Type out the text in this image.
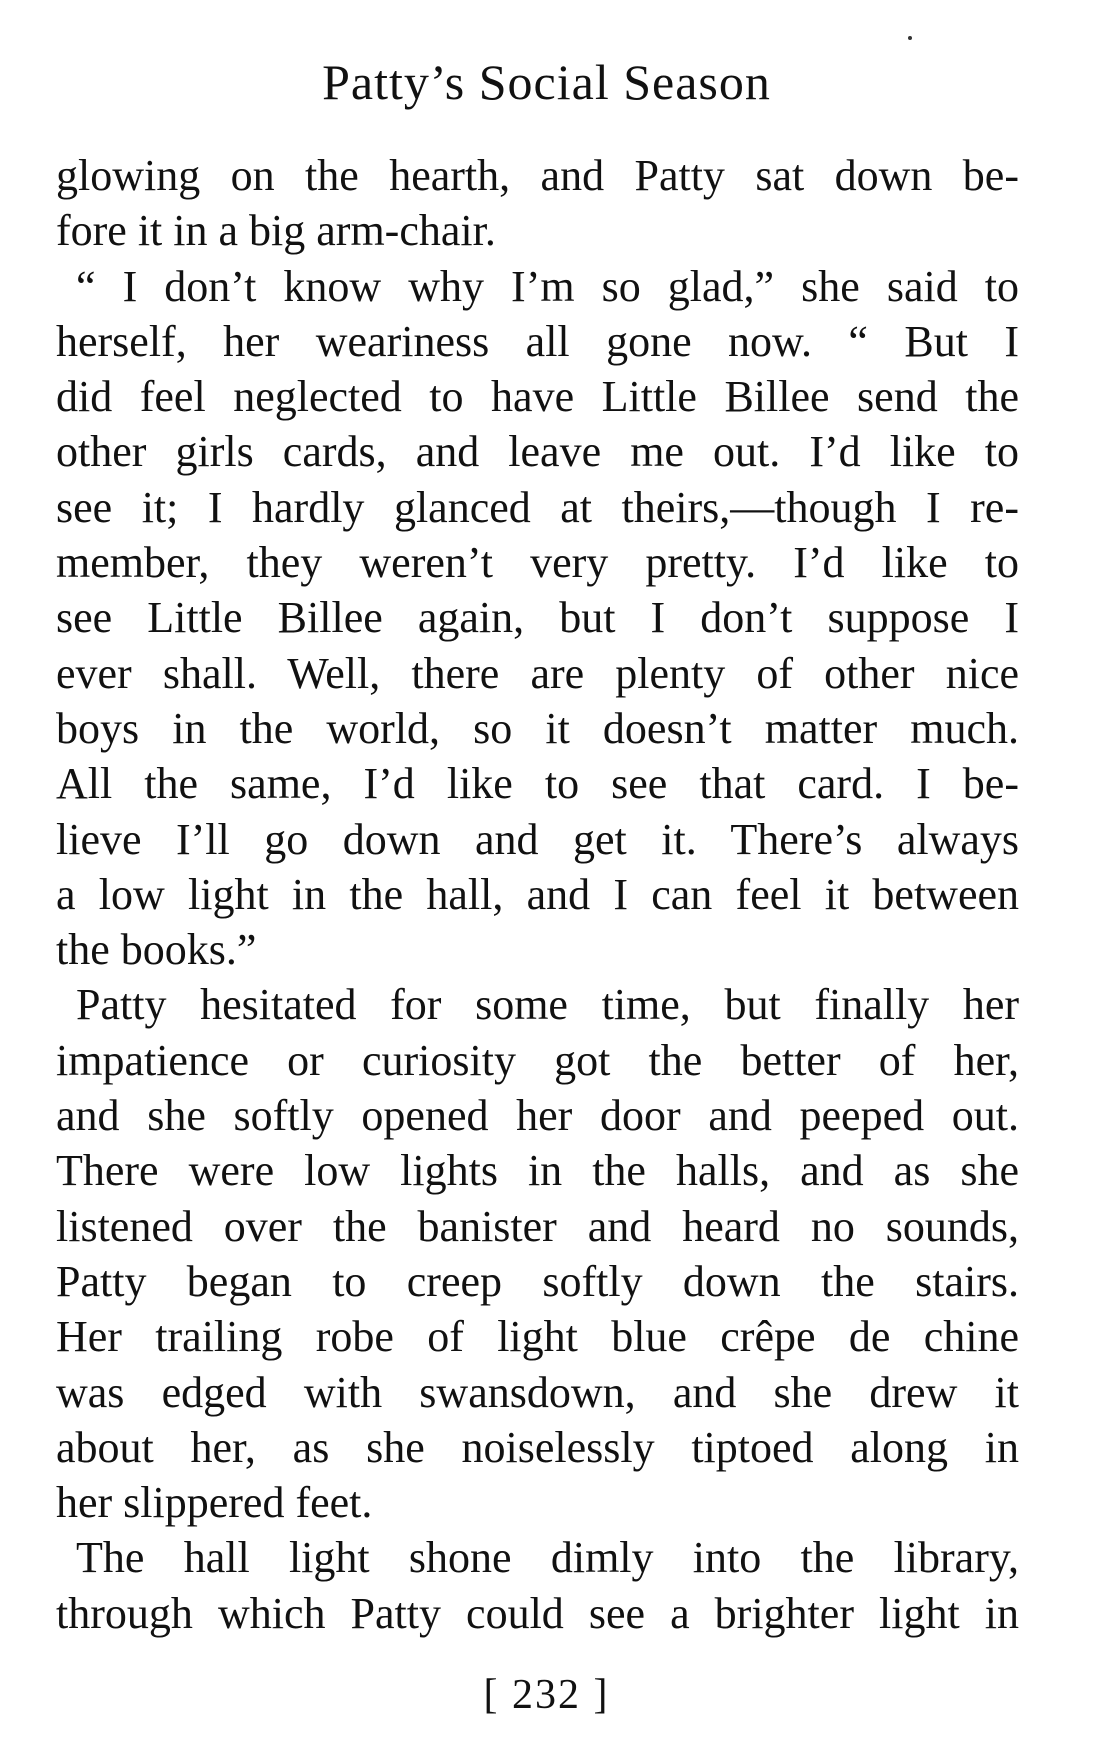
Patty’s Social Season
glowing on the hearth, and Patty sat down be-
fore it in a big arm-chair.
“ I don’t know why I’m so glad,” she said to
herself, her weariness all gone now. “ But I
did feel neglected to have Little Billee send the
other girls cards, and leave me out. I’d like to
see it; I hardly glanced at theirs,—though I re-
member, they weren’t very pretty. I’d like to
see Little Billee again, but I don’t suppose I
ever shall. Well, there are plenty of other nice
boys in the world, so it doesn’t matter much.
All the same, I’d like to see that card. I be-
lieve I’ll go down and get it. There’s always
a low light in the hall, and I can feel it between
the books.”
Patty hesitated for some time, but finally her
impatience or curiosity got the better of her,
and she softly opened her door and peeped out.
There were low lights in the halls, and as she
listened over the banister and heard no sounds,
Patty began to creep softly down the stairs.
Her trailing robe of light blue crêpe de chine
was edged with swansdown, and she drew it
about her, as she noiselessly tiptoed along in
her slippered feet.
The hall light shone dimly into the library,
through which Patty could see a brighter light in
[ 232 ]
